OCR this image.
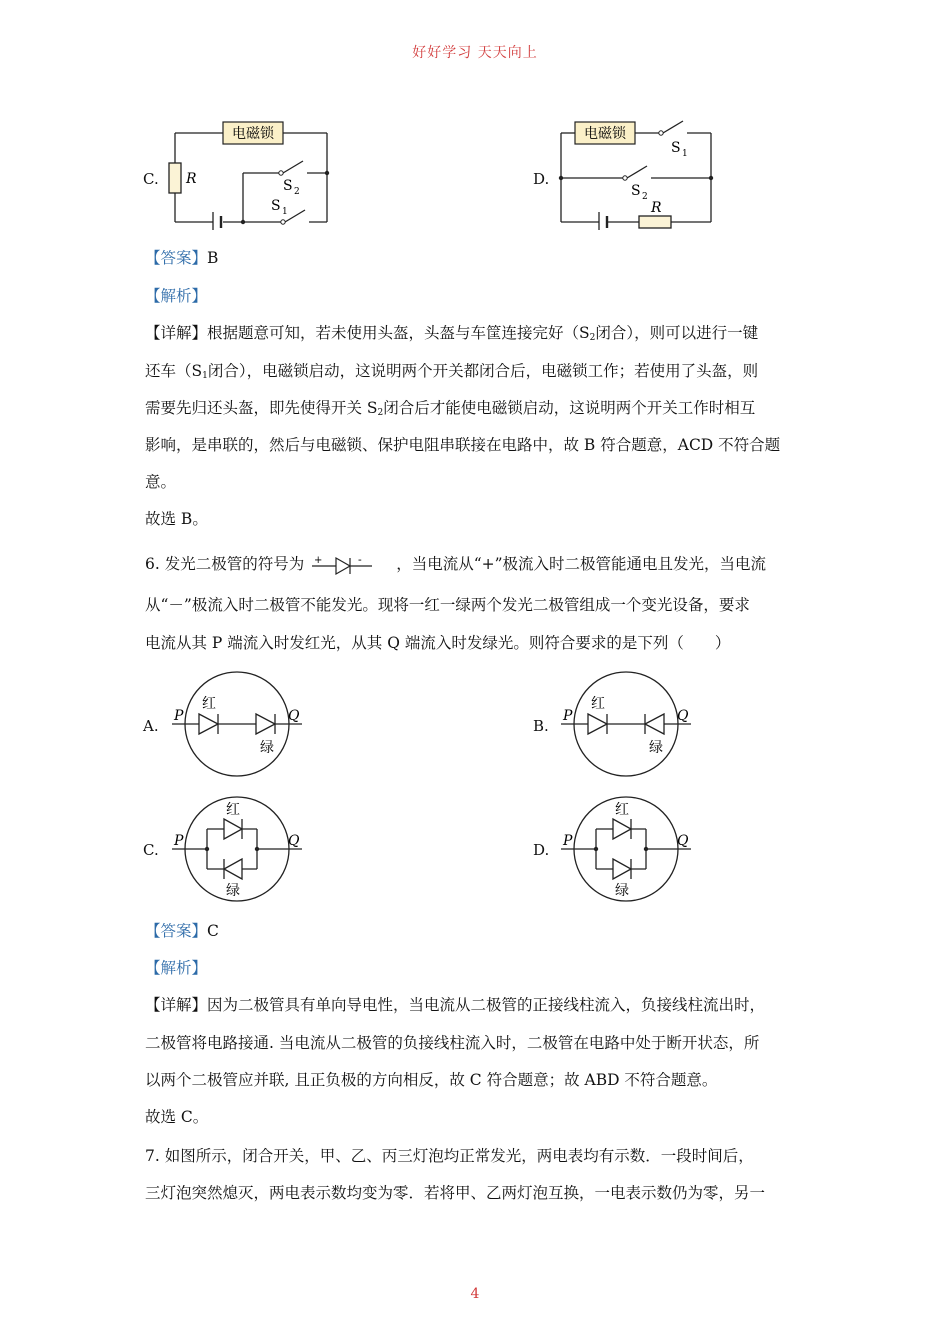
好好学习 天天向上
C.
电磁锁
R	S 2
S 1
D.
电磁锁
S 1
S 2
R
【答案】B
【解析】
【详解】根据题意可知，若未使用头盔，头盔与车筐连接完好（$S_2$闭合），则可以进行一键
还车（$S_1$闭合），电磁锁启动，这说明两个开关都闭合后，电磁锁工作；若使用了头盔，则
需要先归还头盔，即先使得开关 $S_2$闭合后才能使电磁锁启动，这说明两个开关工作时相互
影响，是串联的，然后与电磁锁、保护电阻串联接在电路中，故 B 符合题意，ACD 不符合题
意。
故选 B。
6. 发光二极管的符号为 +	- ，当电流从“+”极流入时二极管能通电且发光，当电流
从“－”极流入时二极管不能发光。现将一红一绿两个发光二极管组成一个变光设备，要求
电流从其 P 端流入时发红光，从其 Q 端流入时发绿光。则符合要求的是下列（　　）
A.
P	Q
红
绿
B.
P	Q
红
绿
C. P	Q
红
绿
D. P	Q
红
绿
【答案】C
【解析】
【详解】因为二极管具有单向导电性，当电流从二极管的正接线柱流入，负接线柱流出时，
二极管将电路接通. 当电流从二极管的负接线柱流入时，二极管在电路中处于断开状态，所
以两个二极管应并联, 且正负极的方向相反，故 C 符合题意；故 ABD 不符合题意。
故选 C。
7. 如图所示，闭合开关，甲、乙、丙三灯泡均正常发光，两电表均有示数．一段时间后，
三灯泡突然熄灭，两电表示数均变为零．若将甲、乙两灯泡互换，一电表示数仍为零，另一
4
